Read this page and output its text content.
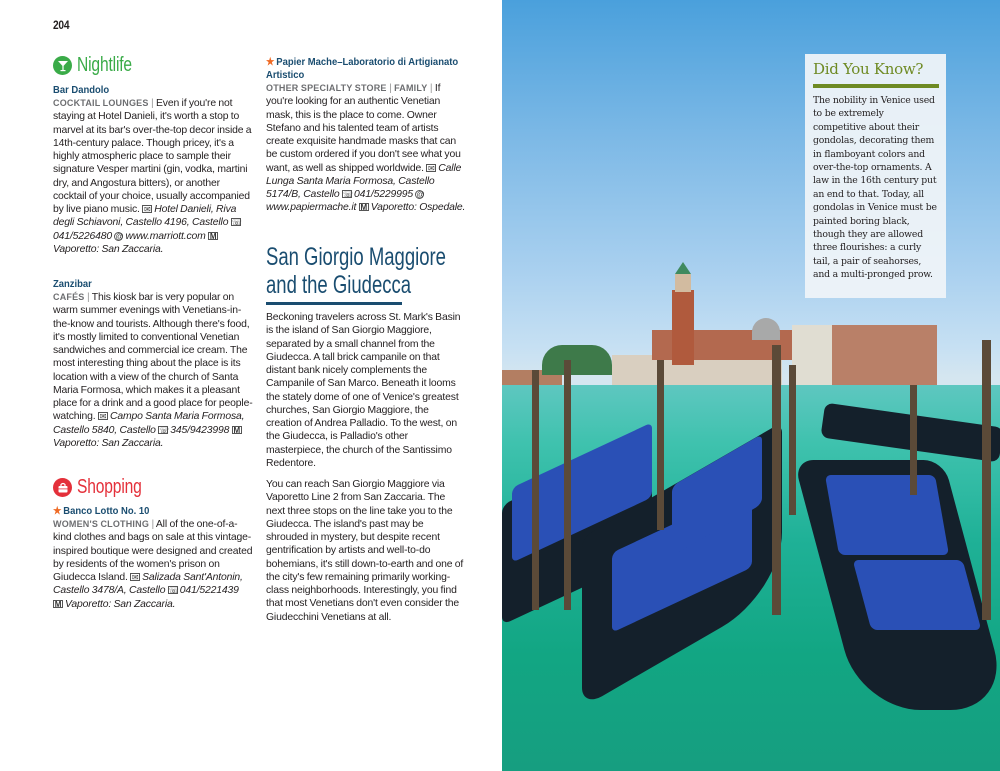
204
Nightlife
Bar Dandolo
COCKTAIL LOUNGES | Even if you're not staying at Hotel Danieli, it's worth a stop to marvel at its bar's over-the-top decor inside a 14th-century palace. Though pricey, it's a highly atmospheric place to sample their signature Vesper martini (gin, vodka, martini dry, and Angostura bitters), or another cocktail of your choice, usually accompanied by live piano music. ✉ Hotel Danieli, Riva degli Schiavoni, Castello 4196, Castello ☏041/5226480 @ www.marriott.com MVaporetto: San Zaccaria.
Zanzibar
CAFÉS | This kiosk bar is very popular on warm summer evenings with Venetians-in-the-know and tourists. Although there's food, it's mostly limited to conventional Venetian sandwiches and commercial ice cream. The most interesting thing about the place is its location with a view of the church of Santa Maria Formosa, which makes it a pleasant place for a drink and a good place for people-watching. ✉ Campo Santa Maria Formosa, Castello 5840, Castello ☏345/9423998 MVaporetto: San Zaccaria.
Shopping
★ Banco Lotto No. 10
WOMEN'S CLOTHING | All of the one-of-a-kind clothes and bags on sale at this vintage-inspired boutique were designed and created by residents of the women's prison on Giudecca Island. ✉ Salizada Sant'Antonin, Castello 3478/A, Castello ☏041/5221439 M Vaporetto: San Zaccaria.
★ Papier Mache–Laboratorio di Artigianato Artistico
OTHER SPECIALTY STORE | FAMILY | If you're looking for an authentic Venetian mask, this is the place to come. Owner Stefano and his talented team of artists create exquisite handmade masks that can be custom ordered if you don't see what you want, as well as shipped worldwide. ✉ Calle Lunga Santa Maria Formosa, Castello 5174/B, Castello ☏041/5229995 @www.papiermache.it M Vaporetto: Ospedale.
San Giorgio Maggiore
and the Giudecca

Beckoning travelers across St. Mark's Basin is the island of San Giorgio Maggiore, separated by a small channel from the Giudecca. A tall brick campanile on that distant bank nicely complements the Campanile of San Marco. Beneath it looms the stately dome of one of Venice's greatest churches, San Giorgio Maggiore, the creation of Andrea Palladio. To the west, on the Giudecca, is Palladio's other masterpiece, the church of the Santissimo Redentore.

You can reach San Giorgio Maggiore via Vaporetto Line 2 from San Zaccaria. The next three stops on the line take you to the Giudecca. The island's past may be shrouded in mystery, but despite recent gentrification by artists and well-to-do bohemians, it's still down-to-earth and one of the city's few remaining primarily working-class neighborhoods. Interestingly, you find that most Venetians don't even consider the Giudecchini Venetians at all.

Did You Know?
The nobility in Venice used to be extremely competitive about their gondolas, decorating them in flamboyant colors and over-the-top ornaments. A law in the 16th century put an end to that. Today, all gondolas in Venice must be painted boring black, though they are allowed three flourishes: a curly tail, a pair of seahorses, and a multi-pronged prow.
